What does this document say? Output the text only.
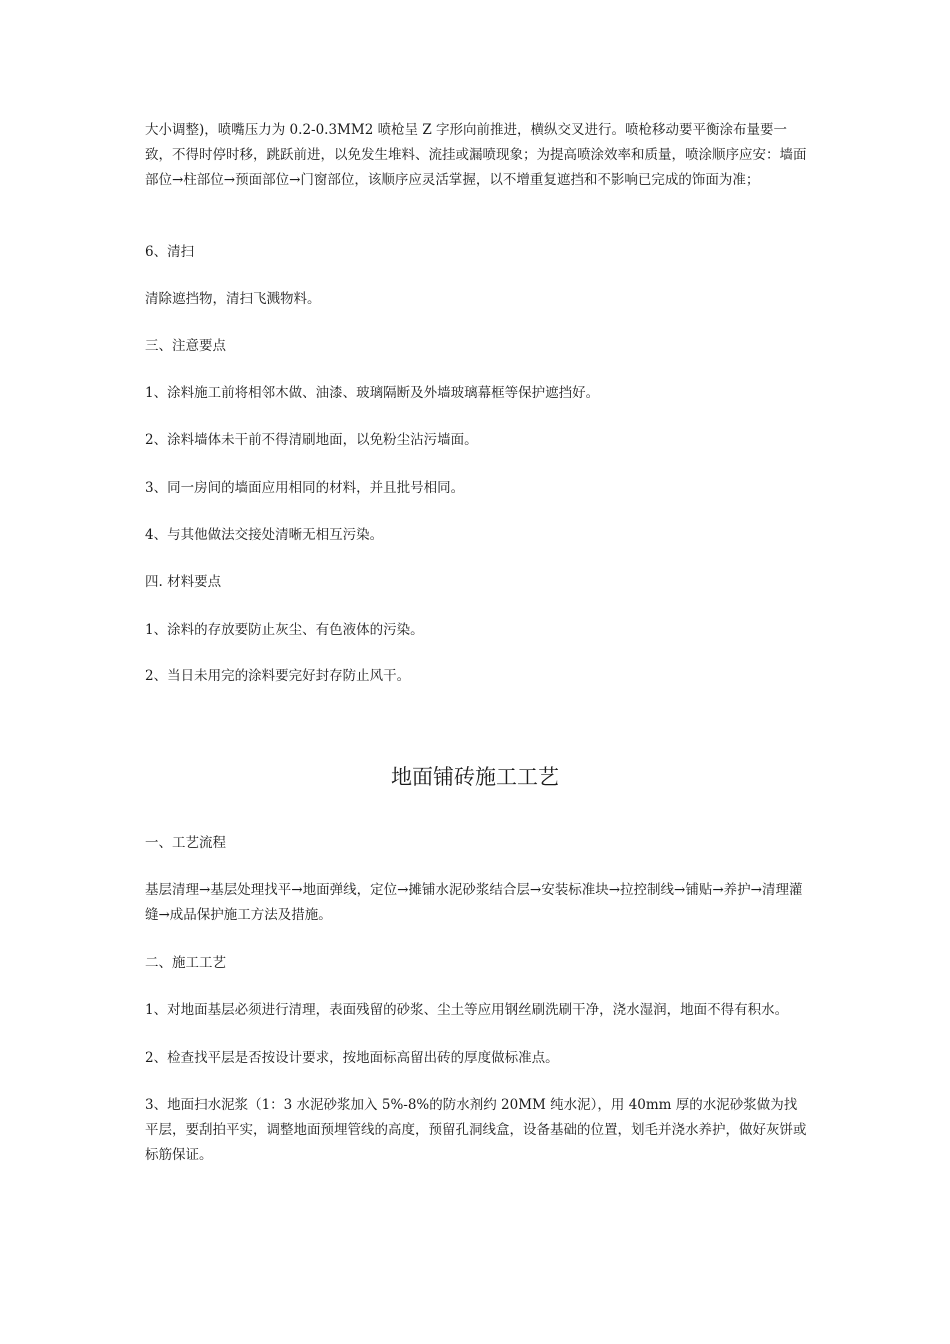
大小调整)，喷嘴压力为 0.2-0.3MM2 喷枪呈 Z 字形向前推进，横纵交叉进行。喷枪移动要平衡涂布量要一致，不得时停时移，跳跃前进，以免发生堆料、流挂或漏喷现象；为提高喷涂效率和质量，喷涂顺序应安：墙面部位→柱部位→预面部位→门窗部位，该顺序应灵活掌握，以不增重复遮挡和不影响已完成的饰面为准；

6、清扫

清除遮挡物，清扫飞溅物料。

三、注意要点

1、涂料施工前将相邻木做、油漆、玻璃隔断及外墙玻璃幕框等保护遮挡好。

2、涂料墙体未干前不得清刷地面，以免粉尘沾污墙面。

3、同一房间的墙面应用相同的材料，并且批号相同。

4、与其他做法交接处清晰无相互污染。

四. 材料要点

1、涂料的存放要防止灰尘、有色液体的污染。

2、当日未用完的涂料要完好封存防止风干。

地面铺砖施工工艺

一、工艺流程

基层清理→基层处理找平→地面弹线，定位→摊铺水泥砂浆结合层→安装标准块→拉控制线→铺贴→养护→清理灌缝→成品保护施工方法及措施。

二、施工工艺

1、对地面基层必须进行清理，表面残留的砂浆、尘土等应用钢丝刷洗刷干净，浇水湿润，地面不得有积水。

2、检查找平层是否按设计要求，按地面标高留出砖的厚度做标准点。

3、地面扫水泥浆（1：3 水泥砂浆加入 5%-8%的防水剂约 20MM 纯水泥），用 40mm 厚的水泥砂浆做为找平层，要刮拍平实，调整地面预埋管线的高度，预留孔洞线盒，设备基础的位置，划毛并浇水养护，做好灰饼或标筋保证。
